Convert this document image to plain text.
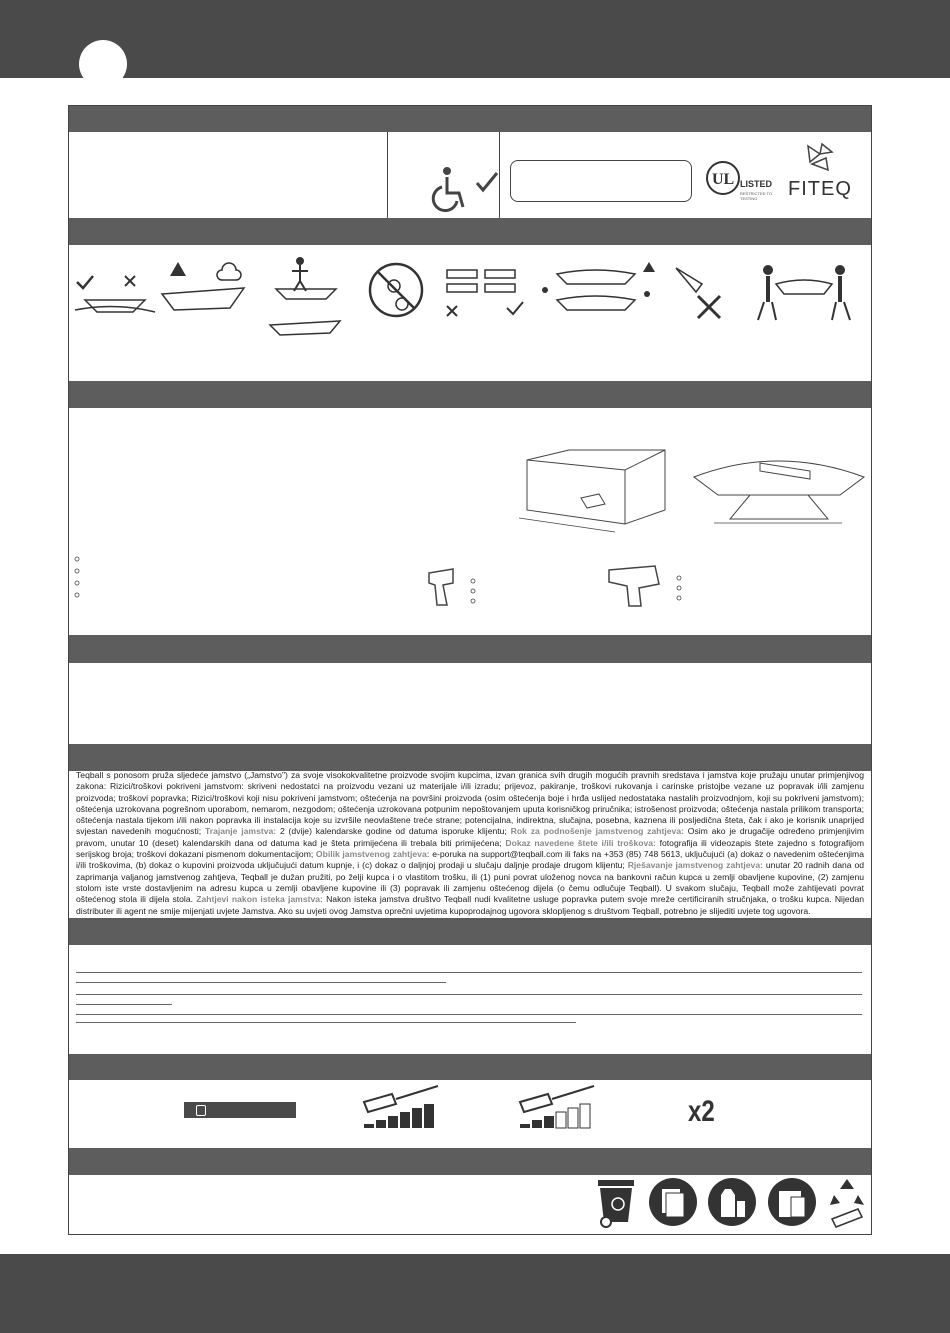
UL LISTED
RESTRICTED TO TESTING	FITEQ

Teqball s ponosom pruža sljedeće jamstvo („Jamstvo") za svoje visokokvalitetne proizvode svojim kupcima, izvan granica svih drugih mogućih pravnih sredstava i jamstva koje pružaju unutar primjenjivog zakona: Rizici/troškovi pokriveni jamstvom: skriveni nedostatci na proizvodu vezani uz materijale i/ili izradu; prijevoz, pakiranje, troškovi rukovanja i carinske pristojbe vezane uz popravak i/ili zamjenu proizvoda; troškovi popravka; Rizici/troškovi koji nisu pokriveni jamstvom; oštećenja na površini proizvoda (osim oštećenja boje i hrđa uslijed nedostataka nastalih proizvodnjom, koji su pokriveni jamstvom); oštećenja uzrokovana pogrešnom uporabom, nemarom, nezgodom; oštećenja uzrokovana potpunim nepoštovanjem uputa korisničkog priručnika; istrošenost proizvoda; oštećenja nastala prilikom transporta; oštećenja nastala tijekom i/ili nakon popravka ili instalacija koje su izvršile neovlaštene treće strane; potencijalna, indirektna, slučajna, posebna, kaznena ili posljedična šteta, čak i ako je korisnik unaprijed svjestan navedenih mogućnosti; Trajanje jamstva: 2 (dvije) kalendarske godine od datuma isporuke klijentu; Rok za podnošenje jamstvenog zahtjeva: Osim ako je drugačije određeno primjenjivim pravom, unutar 10 (deset) kalendarskih dana od datuma kad je šteta primijećena ili trebala biti primijećena; Dokaz navedene štete i/ili troškova: fotografija ili videozapis štete zajedno s fotografijom serijskog broja; troškovi dokazani pismenom dokumentacijom; Obilik jamstvenog zahtjeva: e-poruka na support@teqball.com ili faks na +353 (85) 748 5613, uključujući (a) dokaz o navedenim oštećenjima i/ili troškovima, (b) dokaz o kupovini proizvoda uključujući datum kupnje, i (c) dokaz o daljnjoj prodaji u slučaju daljnje prodaje drugom klijentu; Rješavanje jamstvenog zahtjeva: unutar 20 radnih dana od zaprimanja valjanog jamstvenog zahtjeva, Teqball je dužan pružiti, po želji kupca i o vlastitom trošku, ili (1) puni povrat uloženog novca na bankovni račun kupca u zemlji obavljene kupovine, (2) zamjenu stolom iste vrste dostavljenim na adresu kupca u zemlji obavljene kupovine ili (3) popravak ili zamjenu oštećenog dijela (o čemu odlučuje Teqball). U svakom slučaju, Teqball može zahtijevati povrat oštećenog stola ili dijela stola. Zahtjevi nakon isteka jamstva: Nakon isteka jamstva društvo Teqball nudi kvalitetne usluge popravka putem svoje mreže certificiranih stručnjaka, o trošku kupca. Nijedan distributer ili agent ne smije mijenjati uvjete Jamstva. Ako su uvjeti ovog Jamstva oprečni uvjetima kupoprodajnog ugovora sklopljenog s društvom Teqball, potrebno je slijediti uvjete tog ugovora.

x2
